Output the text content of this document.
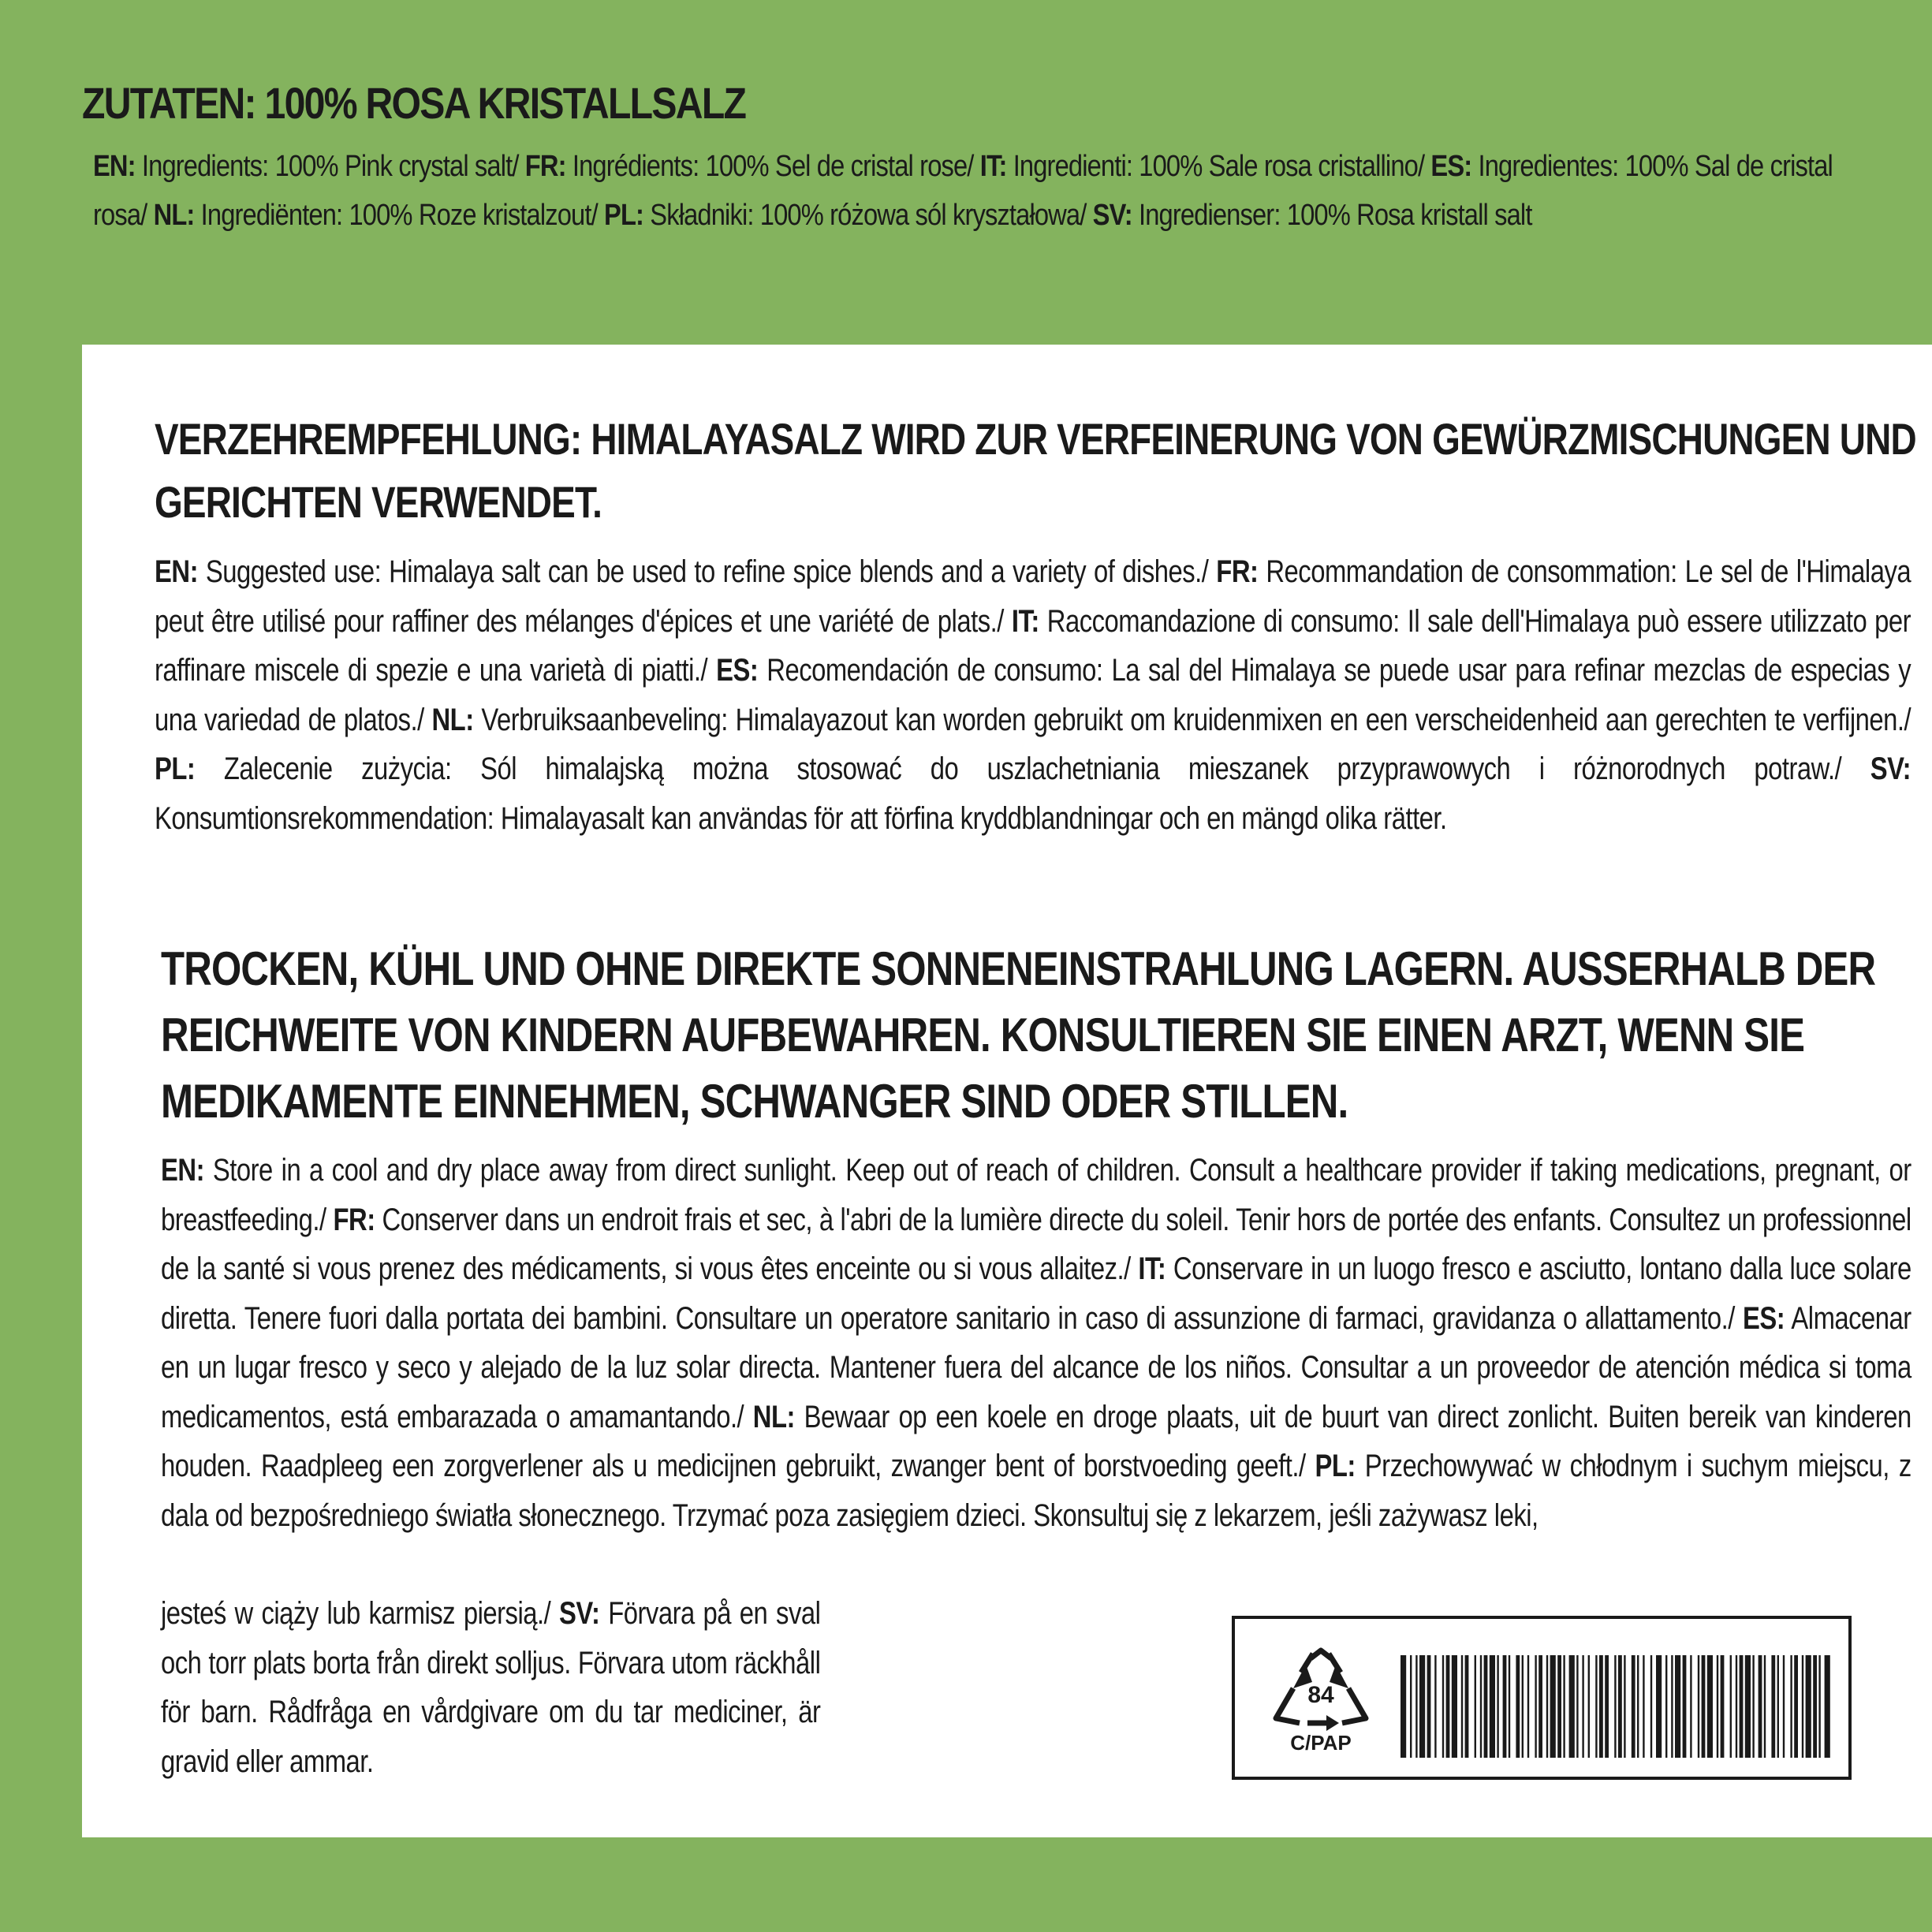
ZUTATEN: 100% ROSA KRISTALLSALZ
EN: Ingredients: 100% Pink crystal salt/ FR: Ingrédients: 100% Sel de cristal rose/ IT: Ingredienti: 100% Sale rosa cristallino/ ES: Ingredientes: 100% Sal de cristal rosa/ NL: Ingrediënten: 100% Roze kristalzout/ PL: Składniki: 100% różowa sól kryształowa/ SV: Ingredienser: 100% Rosa kristall salt
VERZEHREMPFEHLUNG: HIMALAYASALZ WIRD ZUR VERFEINERUNG VON GEWÜRZMISCHUNGEN UND GERICHTEN VERWENDET.
EN: Suggested use: Himalaya salt can be used to refine spice blends and a variety of dishes./ FR: Recommandation de consommation: Le sel de l'Himalaya peut être utilisé pour raffiner des mélanges d'épices et une variété de plats./ IT: Raccomandazione di consumo: Il sale dell'Himalaya può essere utilizzato per raffinare miscele di spezie e una varietà di piatti./ ES: Recomendación de consumo: La sal del Himalaya se puede usar para refinar mezclas de especias y una variedad de platos./ NL: Verbruiksaanbeveling: Himalayazout kan worden gebruikt om kruidenmixen en een verscheidenheid aan gerechten te verfijnen./ PL: Zalecenie zużycia: Sól himalajską można stosować do uszlachetniania mieszanek przyprawowych i różnorodnych potraw./ SV: Konsumtionsrekommendation: Himalayasalt kan användas för att förfina kryddblandningar och en mängd olika rätter.
TROCKEN, KÜHL UND OHNE DIREKTE SONNENEINSTRAHLUNG LAGERN. AUSSERHALB DER REICHWEITE VON KINDERN AUFBEWAHREN. KONSULTIEREN SIE EINEN ARZT, WENN SIE MEDIKAMENTE EINNEHMEN, SCHWANGER SIND ODER STILLEN.
EN: Store in a cool and dry place away from direct sunlight. Keep out of reach of children. Consult a healthcare provider if taking medications, pregnant, or breastfeeding./ FR: Conserver dans un endroit frais et sec, à l'abri de la lumière directe du soleil. Tenir hors de portée des enfants. Consultez un professionnel de la santé si vous prenez des médicaments, si vous êtes enceinte ou si vous allaitez./ IT: Conservare in un luogo fresco e asciutto, lontano dalla luce solare diretta. Tenere fuori dalla portata dei bambini. Consultare un operatore sanitario in caso di assunzione di farmaci, gravidanza o allattamento./ ES: Almacenar en un lugar fresco y seco y alejado de la luz solar directa. Mantener fuera del alcance de los niños. Consultar a un proveedor de atención médica si toma medicamentos, está embarazada o amamantando./ NL: Bewaar op een koele en droge plaats, uit de buurt van direct zonlicht. Buiten bereik van kinderen houden. Raadpleeg een zorgverlener als u medicijnen gebruikt, zwanger bent of borstvoeding geeft./ PL: Przechowywać w chłodnym i suchym miejscu, z dala od bezpośredniego światła słonecznego. Trzymać poza zasięgiem dzieci. Skonsultuj się z lekarzem, jeśli zażywasz leki,
jesteś w ciąży lub karmisz piersią./ SV: Förvara på en sval och torr plats borta från direkt solljus. Förvara utom räckhåll för barn. Rådfråga en vårdgivare om du tar mediciner, är gravid eller ammar.
84
C/PAP
